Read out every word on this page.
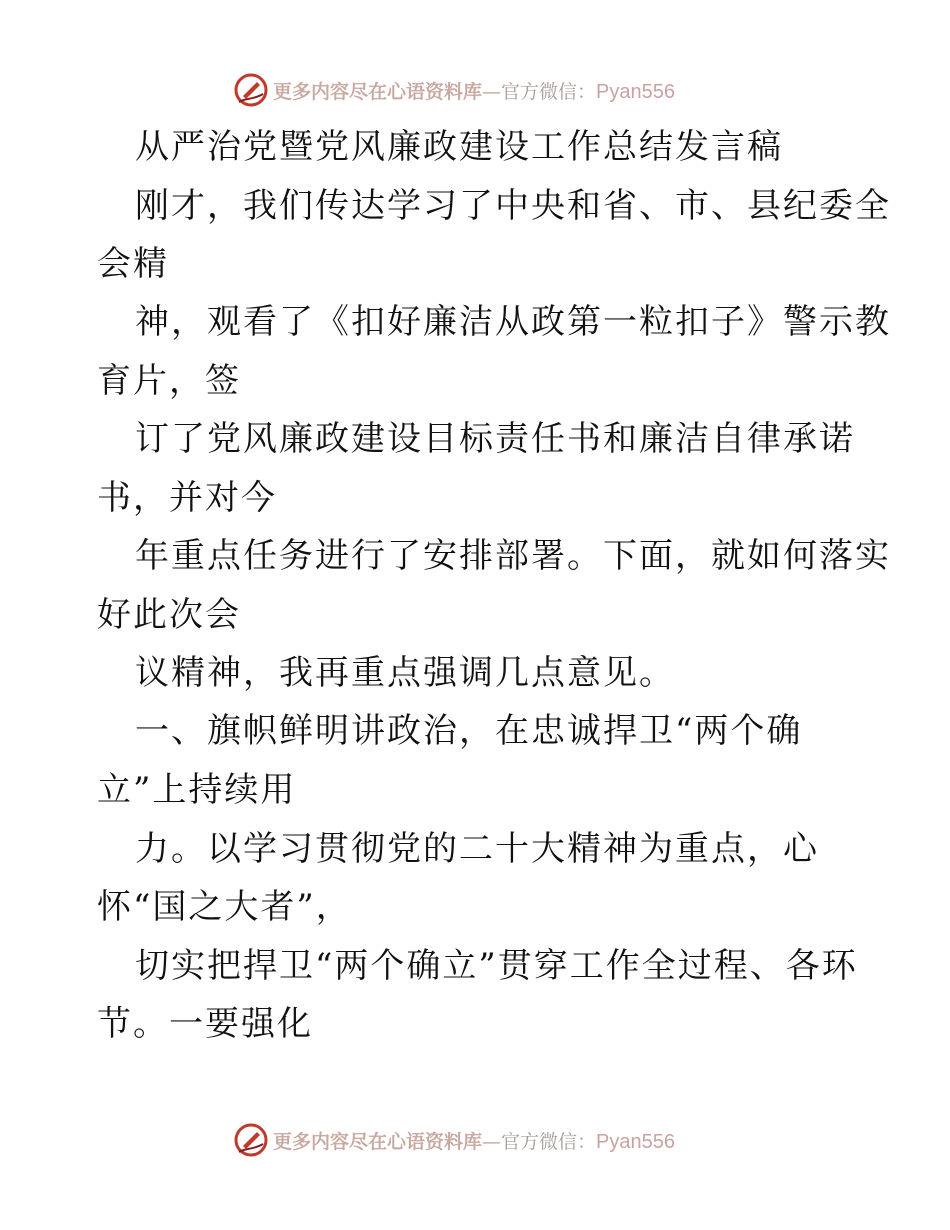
更多内容尽在心语资料库—官方微信：Pyan556
从严治党暨党风廉政建设工作总结发言稿
刚才，我们传达学习了中央和省、市、县纪委全
会精
神，观看了《扣好廉洁从政第一粒扣子》警示教
育片，签
订了党风廉政建设目标责任书和廉洁自律承诺
书，并对今
年重点任务进行了安排部署。下面，就如何落实
好此次会
议精神，我再重点强调几点意见。
一、旗帜鲜明讲政治，在忠诚捍卫“两个确
立”上持续用
力。以学习贯彻党的二十大精神为重点，心
怀“国之大者”，
切实把捍卫“两个确立”贯穿工作全过程、各环
节。一要强化
更多内容尽在心语资料库—官方微信：Pyan556
